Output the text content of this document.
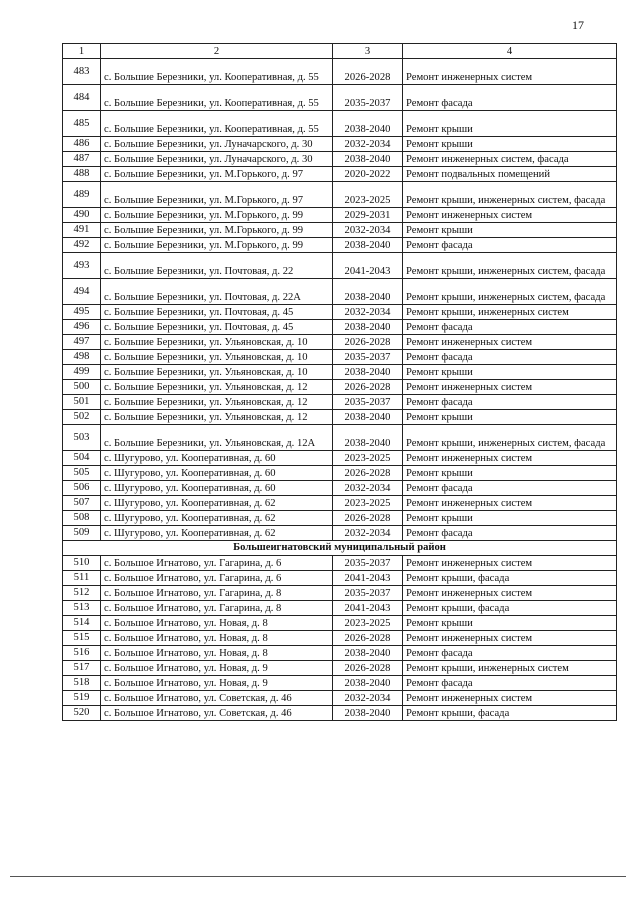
17
1	2	3	4
483	с. Большие Березники, ул. Кооперативная, д. 55	2026-2028	Ремонт инженерных систем
484	с. Большие Березники, ул. Кооперативная, д. 55	2035-2037	Ремонт фасада
485	с. Большие Березники, ул. Кооперативная, д. 55	2038-2040	Ремонт крыши
486	с. Большие Березники, ул. Луначарского, д. 30	2032-2034	Ремонт крыши
487	с. Большие Березники, ул. Луначарского, д. 30	2038-2040	Ремонт инженерных систем, фасада
488	с. Большие Березники, ул. М.Горького, д. 97	2020-2022	Ремонт подвальных помещений
489	с. Большие Березники, ул. М.Горького, д. 97	2023-2025	Ремонт крыши, инженерных систем, фасада
490	с. Большие Березники, ул. М.Горького, д. 99	2029-2031	Ремонт инженерных систем
491	с. Большие Березники, ул. М.Горького, д. 99	2032-2034	Ремонт крыши
492	с. Большие Березники, ул. М.Горького, д. 99	2038-2040	Ремонт фасада
493	с. Большие Березники, ул. Почтовая, д. 22	2041-2043	Ремонт крыши, инженерных систем, фасада
494	с. Большие Березники, ул. Почтовая, д. 22А	2038-2040	Ремонт крыши, инженерных систем, фасада
495	с. Большие Березники, ул. Почтовая, д. 45	2032-2034	Ремонт крыши, инженерных систем
496	с. Большие Березники, ул. Почтовая, д. 45	2038-2040	Ремонт фасада
497	с. Большие Березники, ул. Ульяновская, д. 10	2026-2028	Ремонт инженерных систем
498	с. Большие Березники, ул. Ульяновская, д. 10	2035-2037	Ремонт фасада
499	с. Большие Березники, ул. Ульяновская, д. 10	2038-2040	Ремонт крыши
500	с. Большие Березники, ул. Ульяновская, д. 12	2026-2028	Ремонт инженерных систем
501	с. Большие Березники, ул. Ульяновская, д. 12	2035-2037	Ремонт фасада
502	с. Большие Березники, ул. Ульяновская, д. 12	2038-2040	Ремонт крыши
503	с. Большие Березники, ул. Ульяновская, д. 12А	2038-2040	Ремонт крыши, инженерных систем, фасада
504	с. Шугурово, ул. Кооперативная, д. 60	2023-2025	Ремонт инженерных систем
505	с. Шугурово, ул. Кооперативная, д. 60	2026-2028	Ремонт крыши
506	с. Шугурово, ул. Кооперативная, д. 60	2032-2034	Ремонт фасада
507	с. Шугурово, ул. Кооперативная, д. 62	2023-2025	Ремонт инженерных систем
508	с. Шугурово, ул. Кооперативная, д. 62	2026-2028	Ремонт крыши
509	с. Шугурово, ул. Кооперативная, д. 62	2032-2034	Ремонт фасада
Большеигнатовский муниципальный район			
510	с. Большое Игнатово, ул. Гагарина, д. 6	2035-2037	Ремонт инженерных систем
511	с. Большое Игнатово, ул. Гагарина, д. 6	2041-2043	Ремонт крыши, фасада
512	с. Большое Игнатово, ул. Гагарина, д. 8	2035-2037	Ремонт инженерных систем
513	с. Большое Игнатово, ул. Гагарина, д. 8	2041-2043	Ремонт крыши, фасада
514	с. Большое Игнатово, ул. Новая, д. 8	2023-2025	Ремонт крыши
515	с. Большое Игнатово, ул. Новая, д. 8	2026-2028	Ремонт инженерных систем
516	с. Большое Игнатово, ул. Новая, д. 8	2038-2040	Ремонт фасада
517	с. Большое Игнатово, ул. Новая, д. 9	2026-2028	Ремонт крыши, инженерных систем
518	с. Большое Игнатово, ул. Новая, д. 9	2038-2040	Ремонт фасада
519	с. Большое Игнатово, ул. Советская, д. 46	2032-2034	Ремонт инженерных систем
520	с. Большое Игнатово, ул. Советская, д. 46	2038-2040	Ремонт крыши, фасада
